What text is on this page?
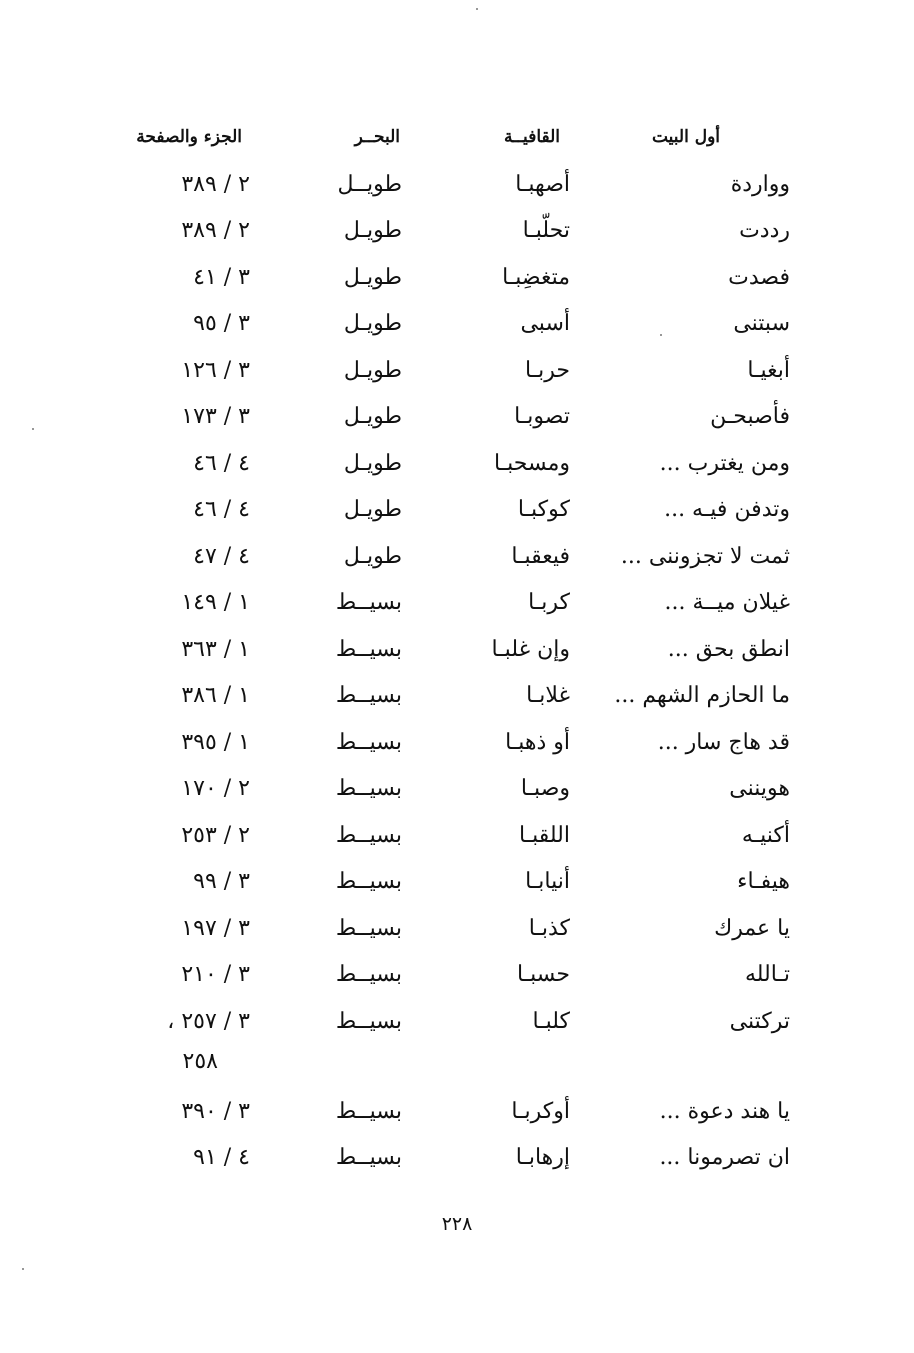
أول البيت
القافيــة
البحــر
الجزء والصفحة
وواردة
أصهبـا
طويــل
٢ / ٣٨٩
رددت
تحلّبـا
طويـل
٢ / ٣٨٩
فصدت
متغضِبـا
طويـل
٣ / ٤١
سبتنى
أسبى
طويـل
٣ / ٩٥
أبغيـا
حربـا
طويـل
٣ / ١٢٦
فأصبحـن
تصوبـا
طويـل
٣ / ١٧٣
ومن يغترب ...
ومسحبـا
طويـل
٤ / ٤٦
وتدفن فيـه ...
كوكبـا
طويـل
٤ / ٤٦
ثمت لا تجزوننى ...
فيعقبـا
طويـل
٤ / ٤٧
غيلان ميــة ...
كربـا
بسيــط
١ / ١٤٩
انطق بحق ...
وإن غلبـا
بسيــط
١ / ٣٦٣
ما الحازم الشهم ...
غلابـا
بسيــط
١ / ٣٨٦
قد هاج سار ...
أو ذهبـا
بسيــط
١ / ٣٩٥
هويننى
وصبـا
بسيــط
٢ / ١٧٠
أكنيـه
اللقبـا
بسيــط
٢ / ٢٥٣
هيفـاء
أنيابـا
بسيــط
٣ / ٩٩
يا عمرك
كذبـا
بسيــط
٣ / ١٩٧
تـالله
حسبـا
بسيــط
٣ / ٢١٠
تركتنى
كلبـا
بسيــط
٣ / ٢٥٧ ،
٢٥٨
يا هند دعوة ...
أوكربـا
بسيــط
٣ / ٣٩٠
ان تصرمونا ...
إرهابـا
بسيــط
٤ / ٩١
٢٢٨
